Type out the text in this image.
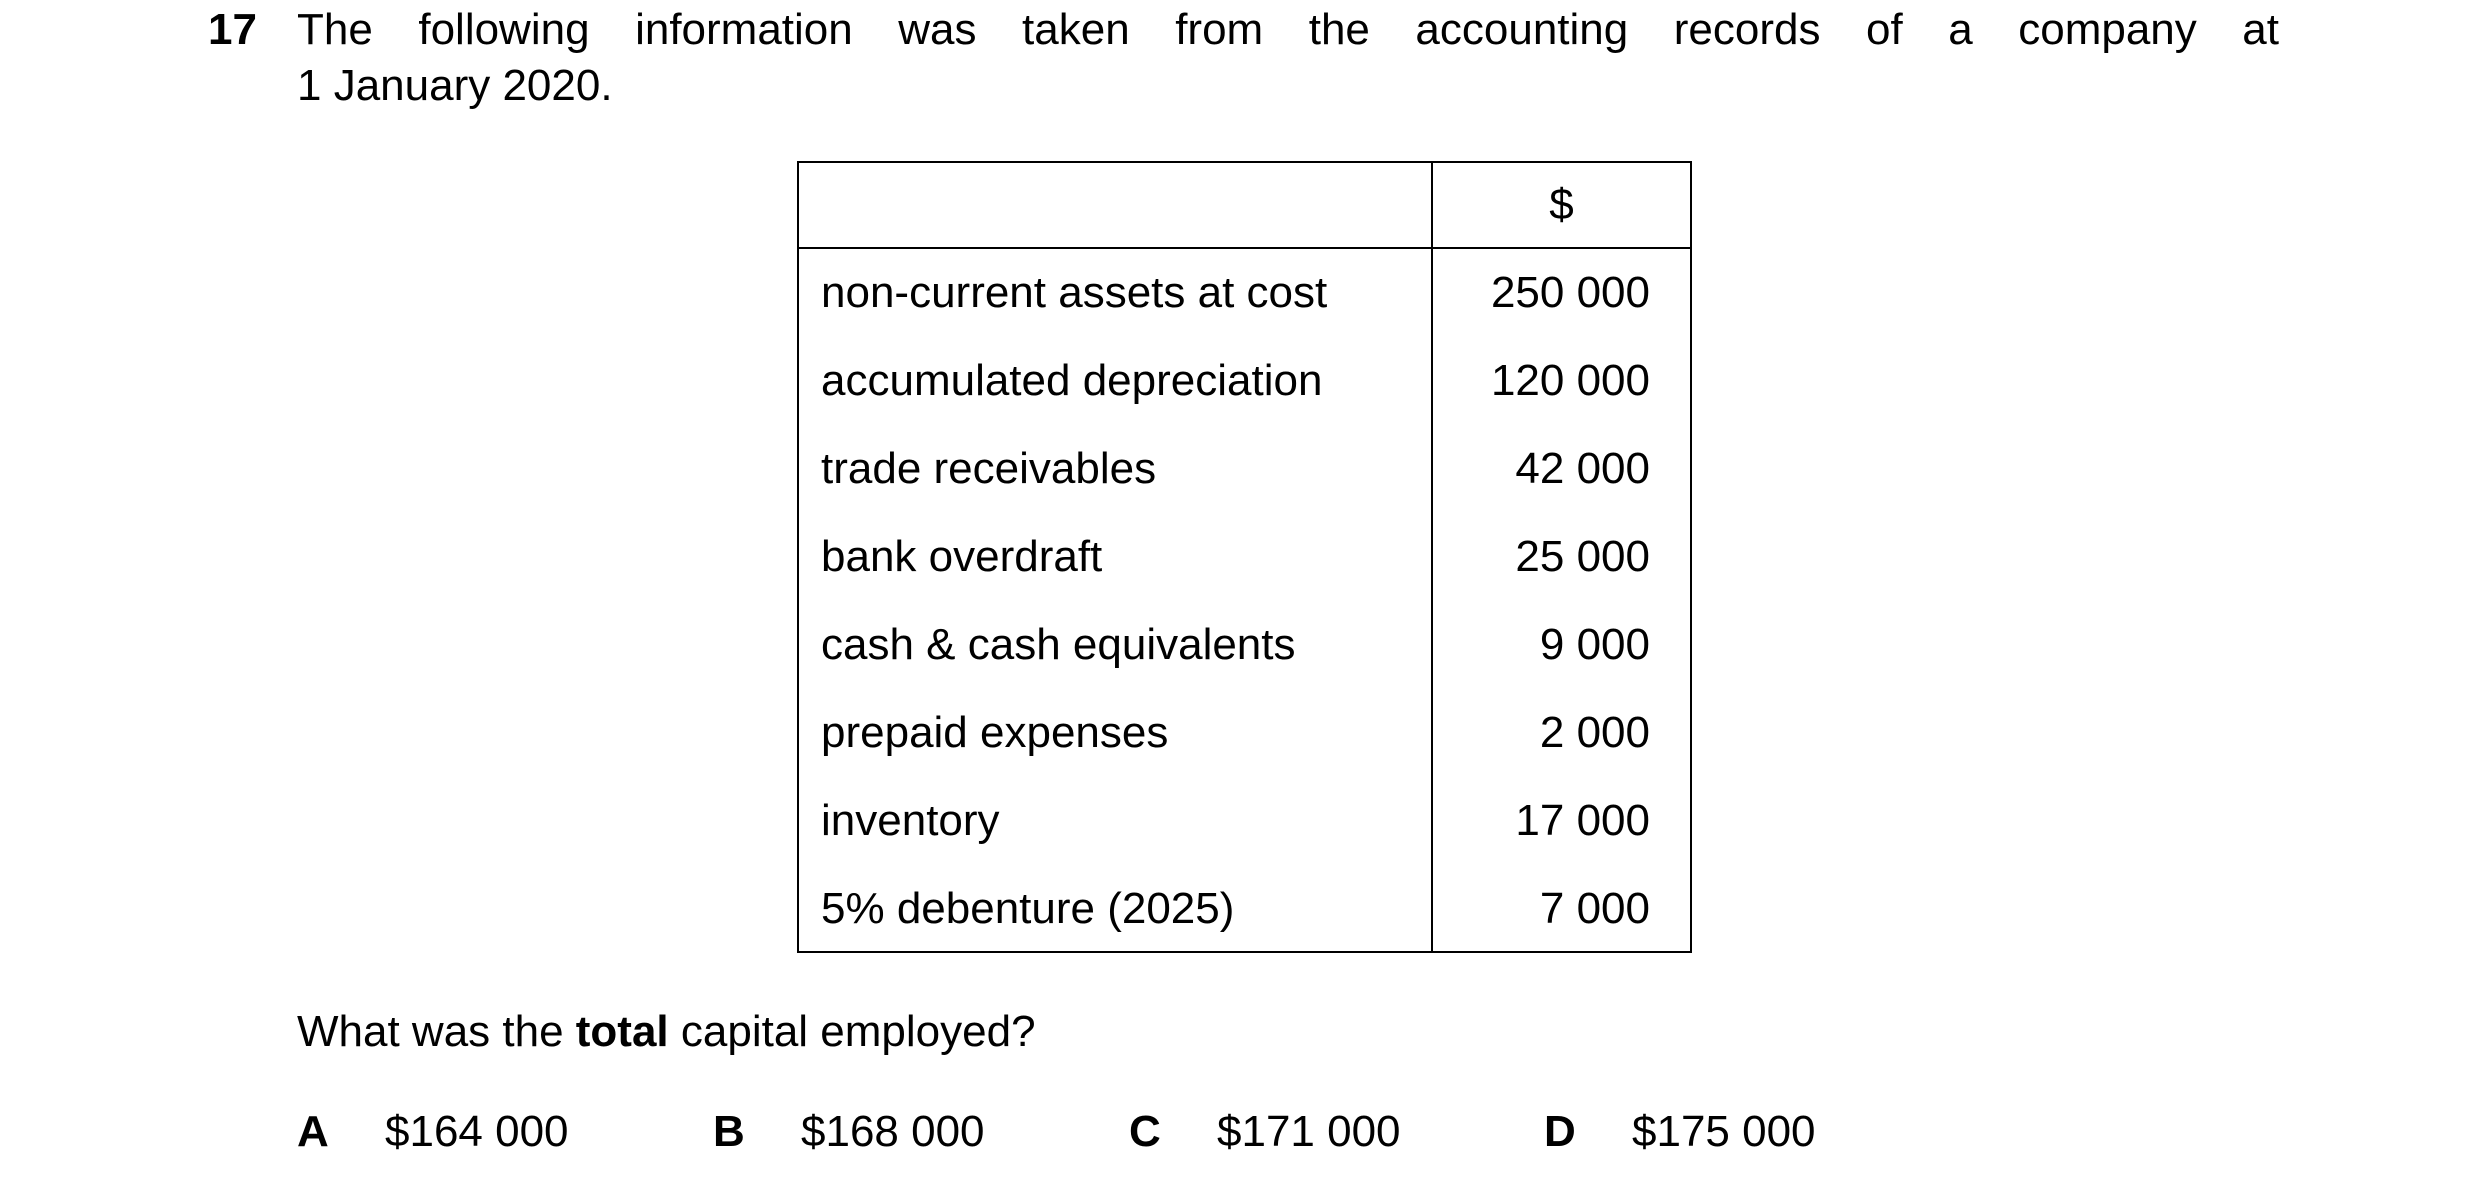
17 The following information was taken from the accounting records of a company at
1 January 2020.
$
non-current assets at cost	250 000
accumulated depreciation	120 000
trade receivables	42 000
bank overdraft	25 000
cash & cash equivalents	9 000
prepaid expenses	2 000
inventory	17 000
5% debenture (2025)	7 000
What was the total capital employed?
A $164 000	B $168 000	C $171 000	D $175 000
